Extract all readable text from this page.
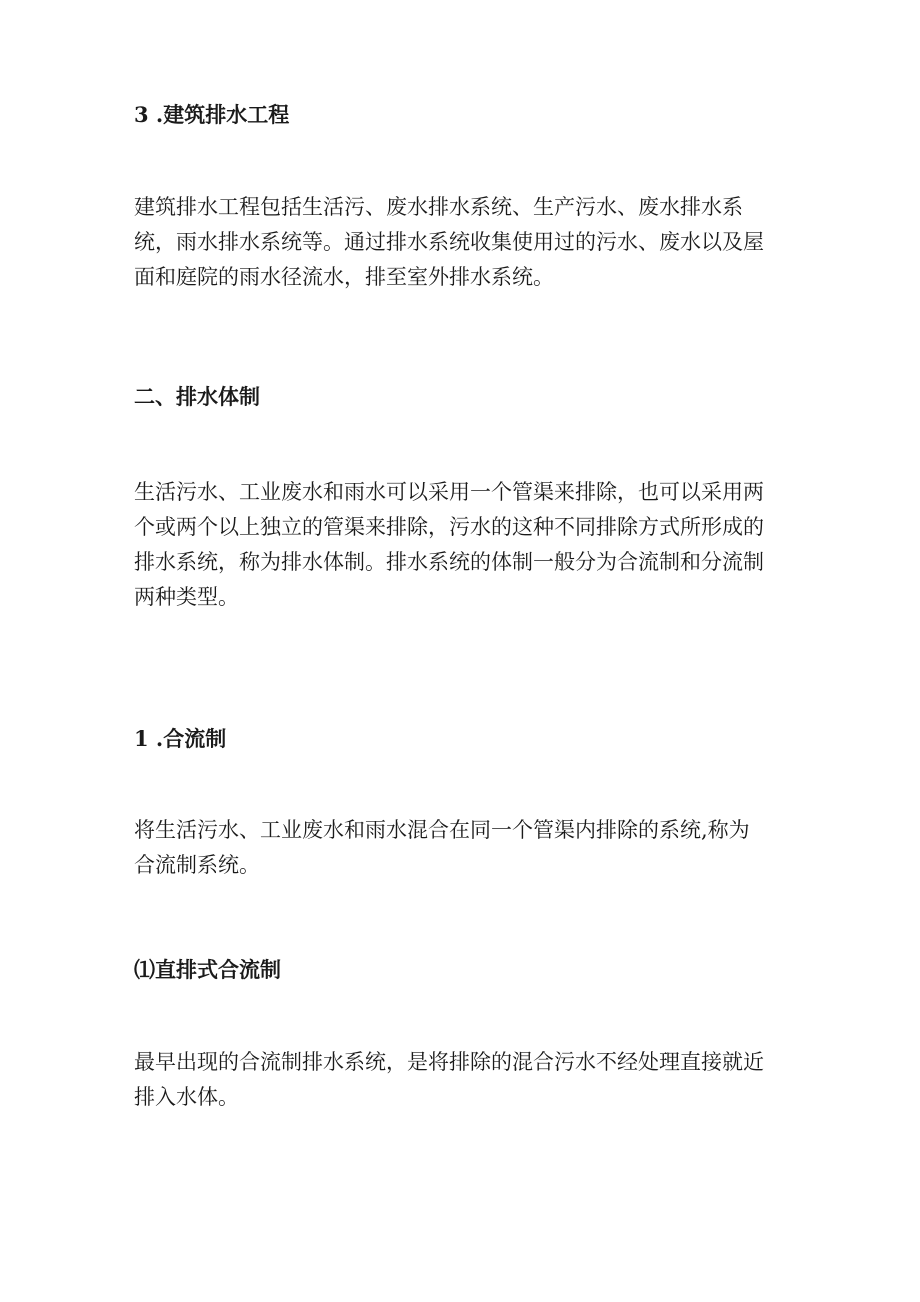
3 .建筑排水工程

建筑排水工程包括生活污、废水排水系统、生产污水、废水排水系
统，雨水排水系统等。通过排水系统收集使用过的污水、废水以及屋
面和庭院的雨水径流水，排至室外排水系统。

二、排水体制

生活污水、工业废水和雨水可以采用一个管渠来排除，也可以采用两
个或两个以上独立的管渠来排除，污水的这种不同排除方式所形成的
排水系统，称为排水体制。排水系统的体制一般分为合流制和分流制
两种类型。

1 .合流制

将生活污水、工业废水和雨水混合在同一个管渠内排除的系统,称为
合流制系统。

⑴直排式合流制

最早出现的合流制排水系统，是将排除的混合污水不经处理直接就近
排入水体。
